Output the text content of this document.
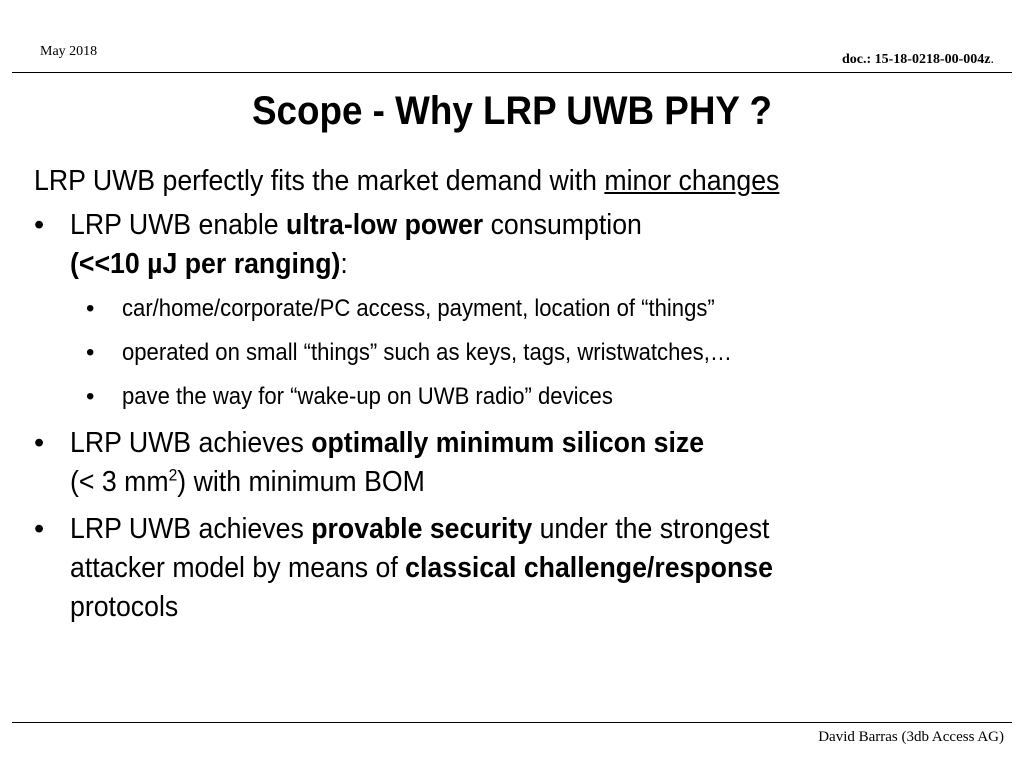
May 2018
doc.: 15-18-0218-00-004z.
Scope - Why LRP UWB PHY ?
LRP UWB perfectly fits the market demand with minor changes
• LRP UWB enable ultra-low power consumption
(<<10 µJ per ranging):
• car/home/corporate/PC access, payment, location of “things”
• operated on small “things” such as keys, tags, wristwatches,…
• pave the way for “wake-up on UWB radio” devices
• LRP UWB achieves optimally minimum silicon size
(< 3 $mm^2$) with minimum BOM
• LRP UWB achieves provable security under the strongest
attacker model by means of classical challenge/response
protocols
David Barras (3db Access AG)
